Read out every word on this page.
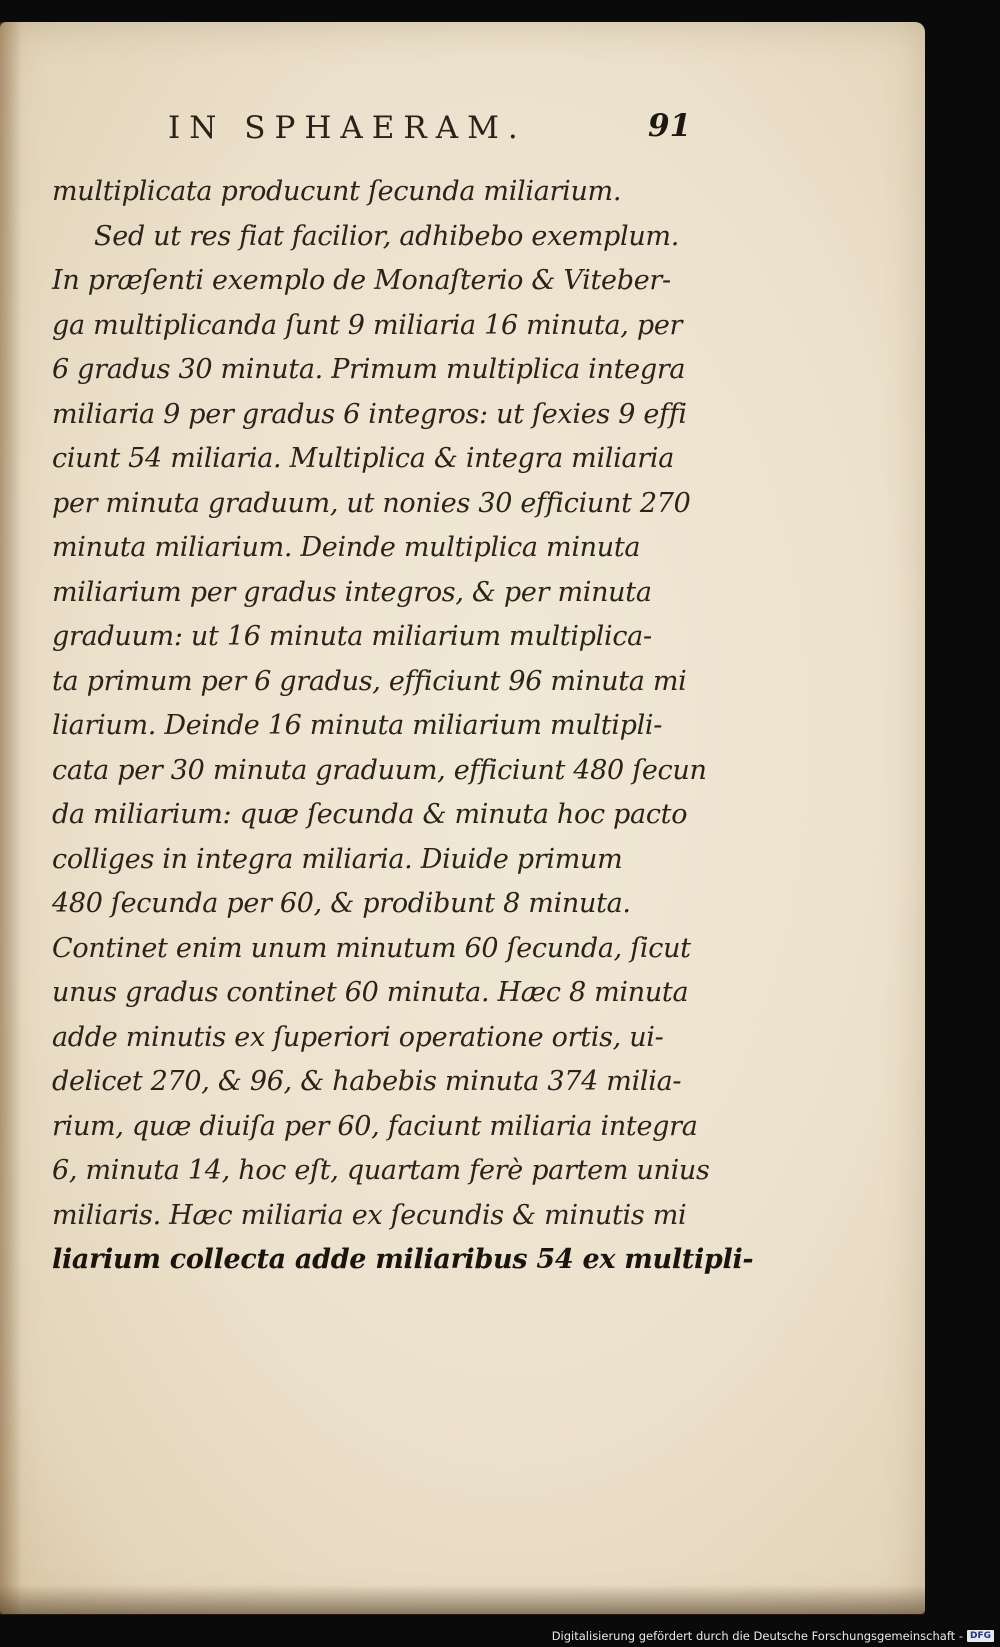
IN SPHAERAM.	91
multiplicata producunt ſecunda miliarium.
Sed ut res fiat facilior, adhibebo exemplum.
In præſenti exemplo de Monaſterio & Viteber-
ga multiplicanda ſunt 9 miliaria 16 minuta, per
6 gradus 30 minuta. Primum multiplica integra
miliaria 9 per gradus 6 integros: ut ſexies 9 effi
ciunt 54 miliaria. Multiplica & integra miliaria
per minuta graduum, ut nonies 30 efficiunt 270
minuta miliarium. Deinde multiplica minuta
miliarium per gradus integros, & per minuta
graduum: ut 16 minuta miliarium multiplica-
ta primum per 6 gradus, efficiunt 96 minuta mi
liarium. Deinde 16 minuta miliarium multipli-
cata per 30 minuta graduum, efficiunt 480 ſecun
da miliarium: quæ ſecunda & minuta hoc pacto
colliges in integra miliaria. Diuide primum
480 ſecunda per 60, & prodibunt 8 minuta.
Continet enim unum minutum 60 ſecunda, ſicut
unus gradus continet 60 minuta. Hæc 8 minuta
adde minutis ex ſuperiori operatione ortis, ui-
delicet 270, & 96, & habebis minuta 374 milia-
rium, quæ diuiſa per 60, faciunt miliaria integra
6, minuta 14, hoc eſt, quartam ferè partem unius
miliaris. Hæc miliaria ex ſecundis & minutis mi
liarium collecta adde miliaribus 54 ex multipli-
Digitalisierung gefördert durch die Deutsche Forschungsgemeinschaft - DFG
